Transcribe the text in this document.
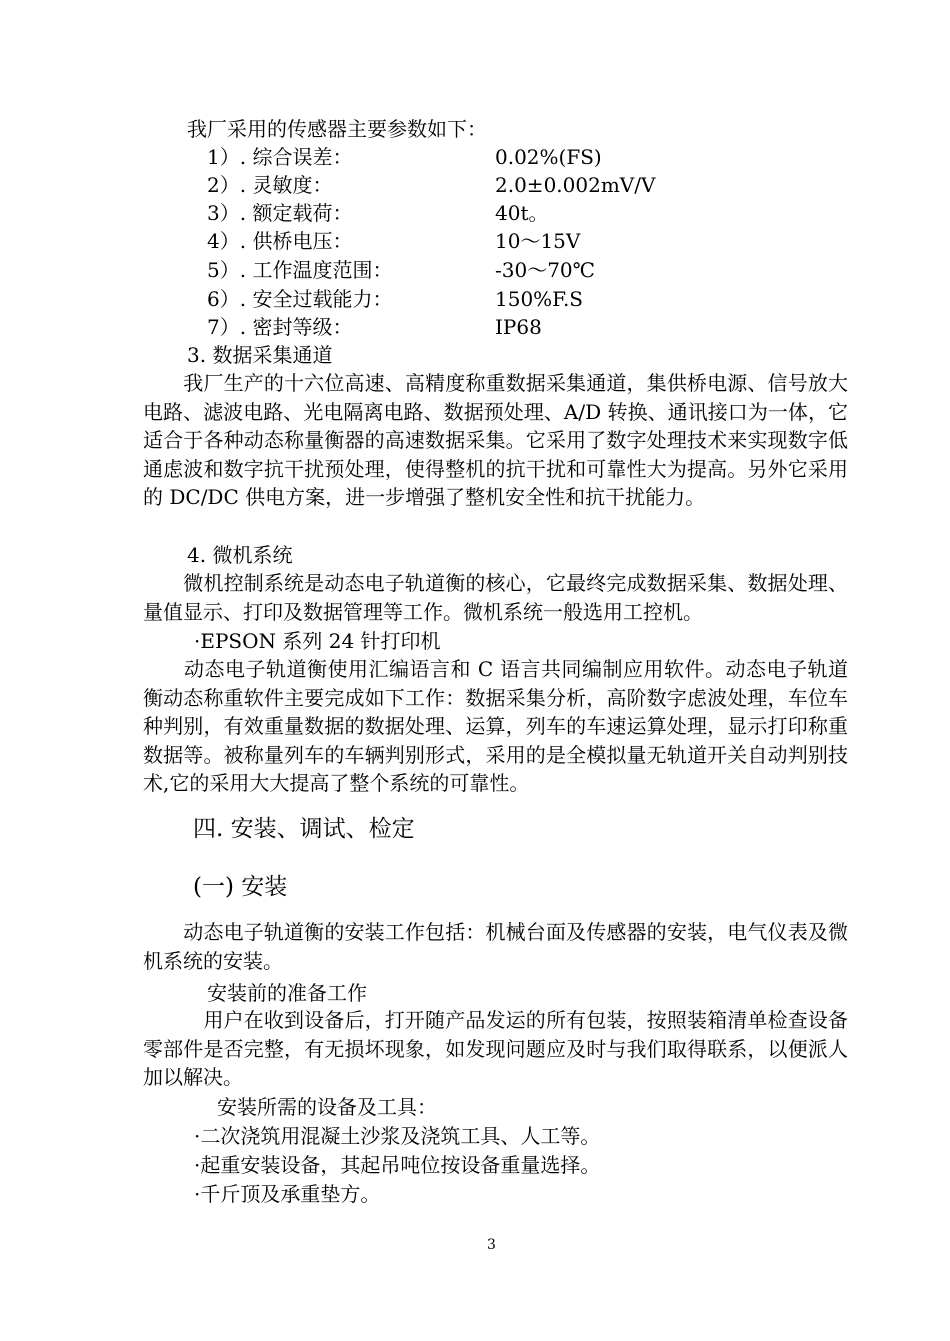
我厂采用的传感器主要参数如下：
1）. 综合误差：	0.02%(FS)
2）. 灵敏度：	2.0±0.002mV/V
3）. 额定载荷：	40t。
4）. 供桥电压：	10～15V
5）. 工作温度范围：	-30～70℃
6）. 安全过载能力：	150%F.S
7）. 密封等级：	IP68
3. 数据采集通道
　　我厂生产的十六位高速、高精度称重数据采集通道，集供桥电源、信号放大电路、滤波电路、光电隔离电路、数据预处理、A/D 转换、通讯接口为一体，它适合于各种动态称量衡器的高速数据采集。它采用了数字处理技术来实现数字低通虑波和数字抗干扰预处理，使得整机的抗干扰和可靠性大为提高。另外它采用的 DC/DC 供电方案，进一步增强了整机安全性和抗干扰能力。
4. 微机系统
　　微机控制系统是动态电子轨道衡的核心，它最终完成数据采集、数据处理、量值显示、打印及数据管理等工作。微机系统一般选用工控机。
·EPSON 系列 24 针打印机
　　动态电子轨道衡使用汇编语言和 C 语言共同编制应用软件。动态电子轨道衡动态称重软件主要完成如下工作：数据采集分析，高阶数字虑波处理，车位车种判别，有效重量数据的数据处理、运算，列车的车速运算处理，显示打印称重数据等。被称量列车的车辆判别形式，采用的是全模拟量无轨道开关自动判别技术,它的采用大大提高了整个系统的可靠性。
四. 安装、调试、检定
(一) 安装
　　动态电子轨道衡的安装工作包括：机械台面及传感器的安装，电气仪表及微机系统的安装。
安装前的准备工作
　　　用户在收到设备后，打开随产品发运的所有包装，按照装箱清单检查设备零部件是否完整，有无损坏现象，如发现问题应及时与我们取得联系，以便派人加以解决。
安装所需的设备及工具：
·二次浇筑用混凝土沙浆及浇筑工具、人工等。
·起重安装设备，其起吊吨位按设备重量选择。
·千斤顶及承重垫方。
3
